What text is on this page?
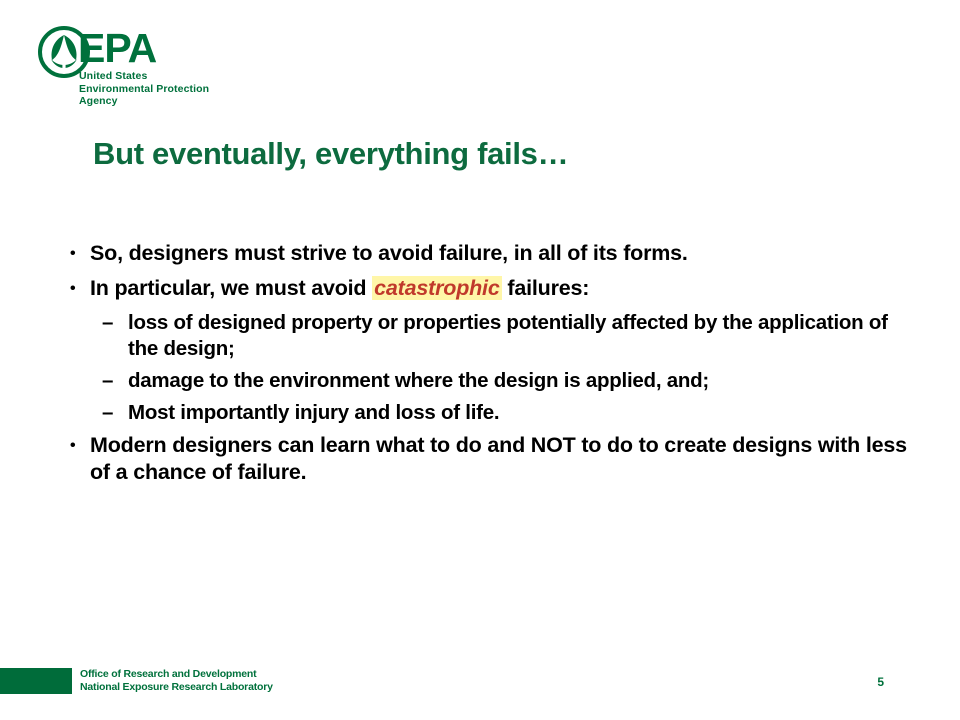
EPA
United States
Environmental Protection
Agency
But eventually, everything fails…
• So, designers must strive to avoid failure, in all of its forms.
• In particular, we must avoid catastrophic failures:
– loss of designed property or properties potentially affected by the application of the design;
– damage to the environment where the design is applied, and;
– Most importantly injury and loss of life.
• Modern designers can learn what to do and NOT to do to create designs with less of a chance of failure.
Office of Research and Development
National Exposure Research Laboratory	5
